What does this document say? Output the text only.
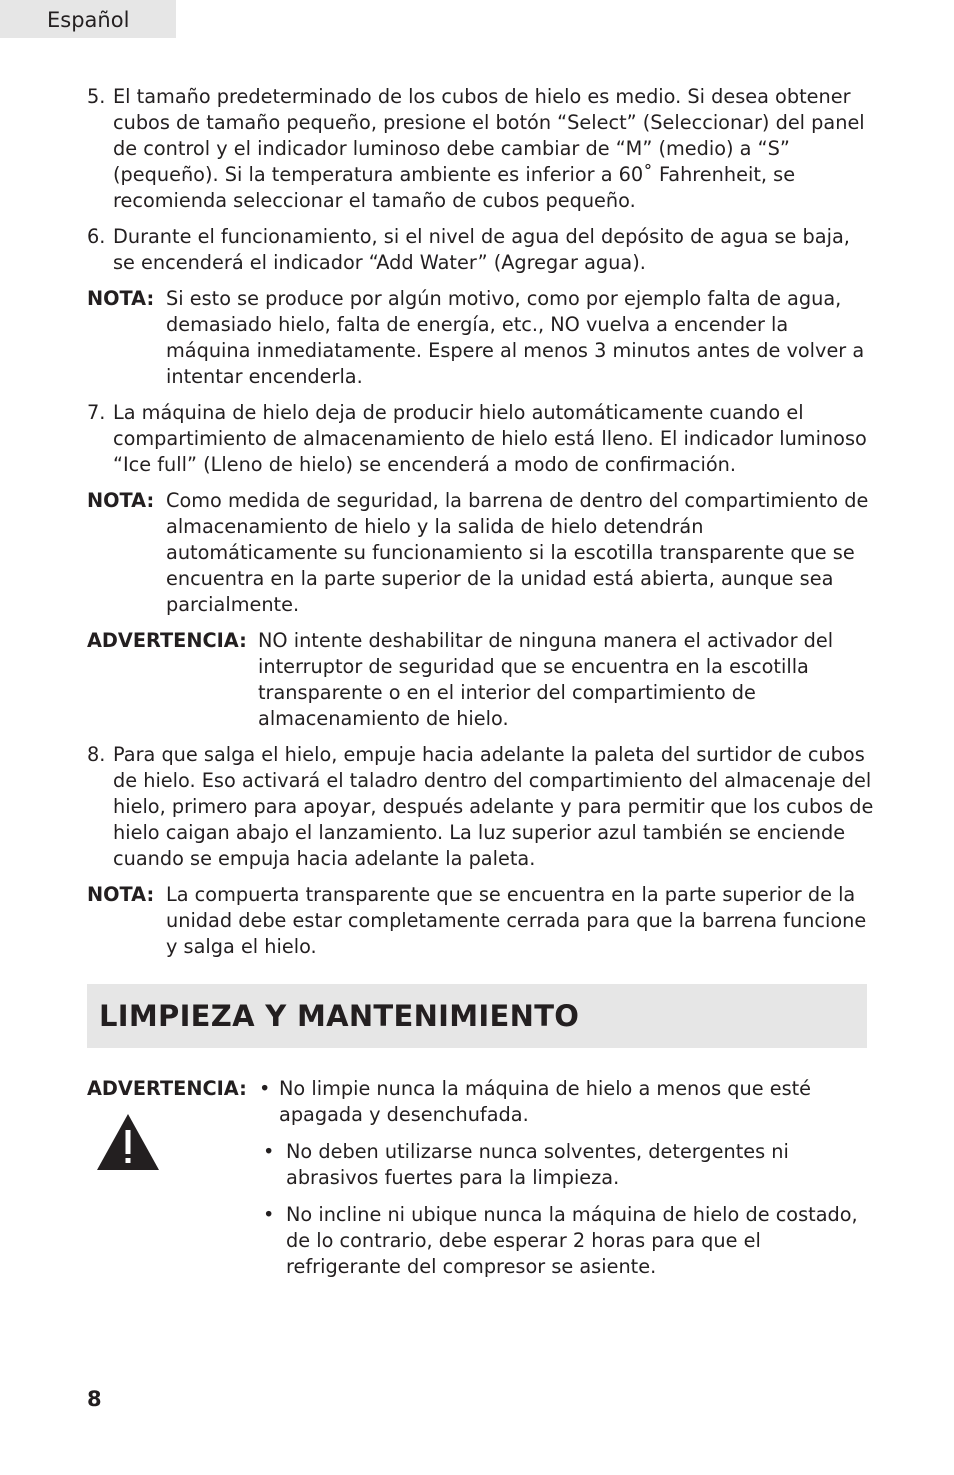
Español
5. El tamaño predeterminado de los cubos de hielo es medio. Si desea obtener cubos de tamaño pequeño, presione el botón “Select” (Seleccionar) del panel de control y el indicador luminoso debe cambiar de “M” (medio) a “S” (pequeño). Si la temperatura ambiente es inferior a 60˚ Fahrenheit, se recomienda seleccionar el tamaño de cubos pequeño.
6. Durante el funcionamiento, si el nivel de agua del depósito de agua se baja, se encenderá el indicador “Add Water” (Agregar agua).
NOTA: Si esto se produce por algún motivo, como por ejemplo falta de agua, demasiado hielo, falta de energía, etc., NO vuelva a encender la máquina inmediatamente. Espere al menos 3 minutos antes de volver a intentar encenderla.
7. La máquina de hielo deja de producir hielo automáticamente cuando el compartimiento de almacenamiento de hielo está lleno. El indicador luminoso “Ice full” (Lleno de hielo) se encenderá a modo de confirmación.
NOTA: Como medida de seguridad, la barrena de dentro del compartimiento de almacenamiento de hielo y la salida de hielo detendrán automáticamente su funcionamiento si la escotilla transparente que se encuentra en la parte superior de la unidad está abierta, aunque sea parcialmente.
ADVERTENCIA: NO intente deshabilitar de ninguna manera el activador del interruptor de seguridad que se encuentra en la escotilla transparente o en el interior del compartimiento de almacenamiento de hielo.
8. Para que salga el hielo, empuje hacia adelante la paleta del surtidor de cubos de hielo. Eso activará el taladro dentro del compartimiento del almacenaje del hielo, primero para apoyar, después adelante y para permitir que los cubos de hielo caigan abajo el lanzamiento. La luz superior azul también se enciende cuando se empuja hacia adelante la paleta.
NOTA: La compuerta transparente que se encuentra en la parte superior de la unidad debe estar completamente cerrada para que la barrena funcione y salga el hielo.
LIMPIEZA Y MANTENIMIENTO
ADVERTENCIA: • No limpie nunca la máquina de hielo a menos que esté apagada y desenchufada.
• No deben utilizarse nunca solventes, detergentes ni abrasivos fuertes para la limpieza.
• No incline ni ubique nunca la máquina de hielo de costado, de lo contrario, debe esperar 2 horas para que el refrigerante del compresor se asiente.
8
